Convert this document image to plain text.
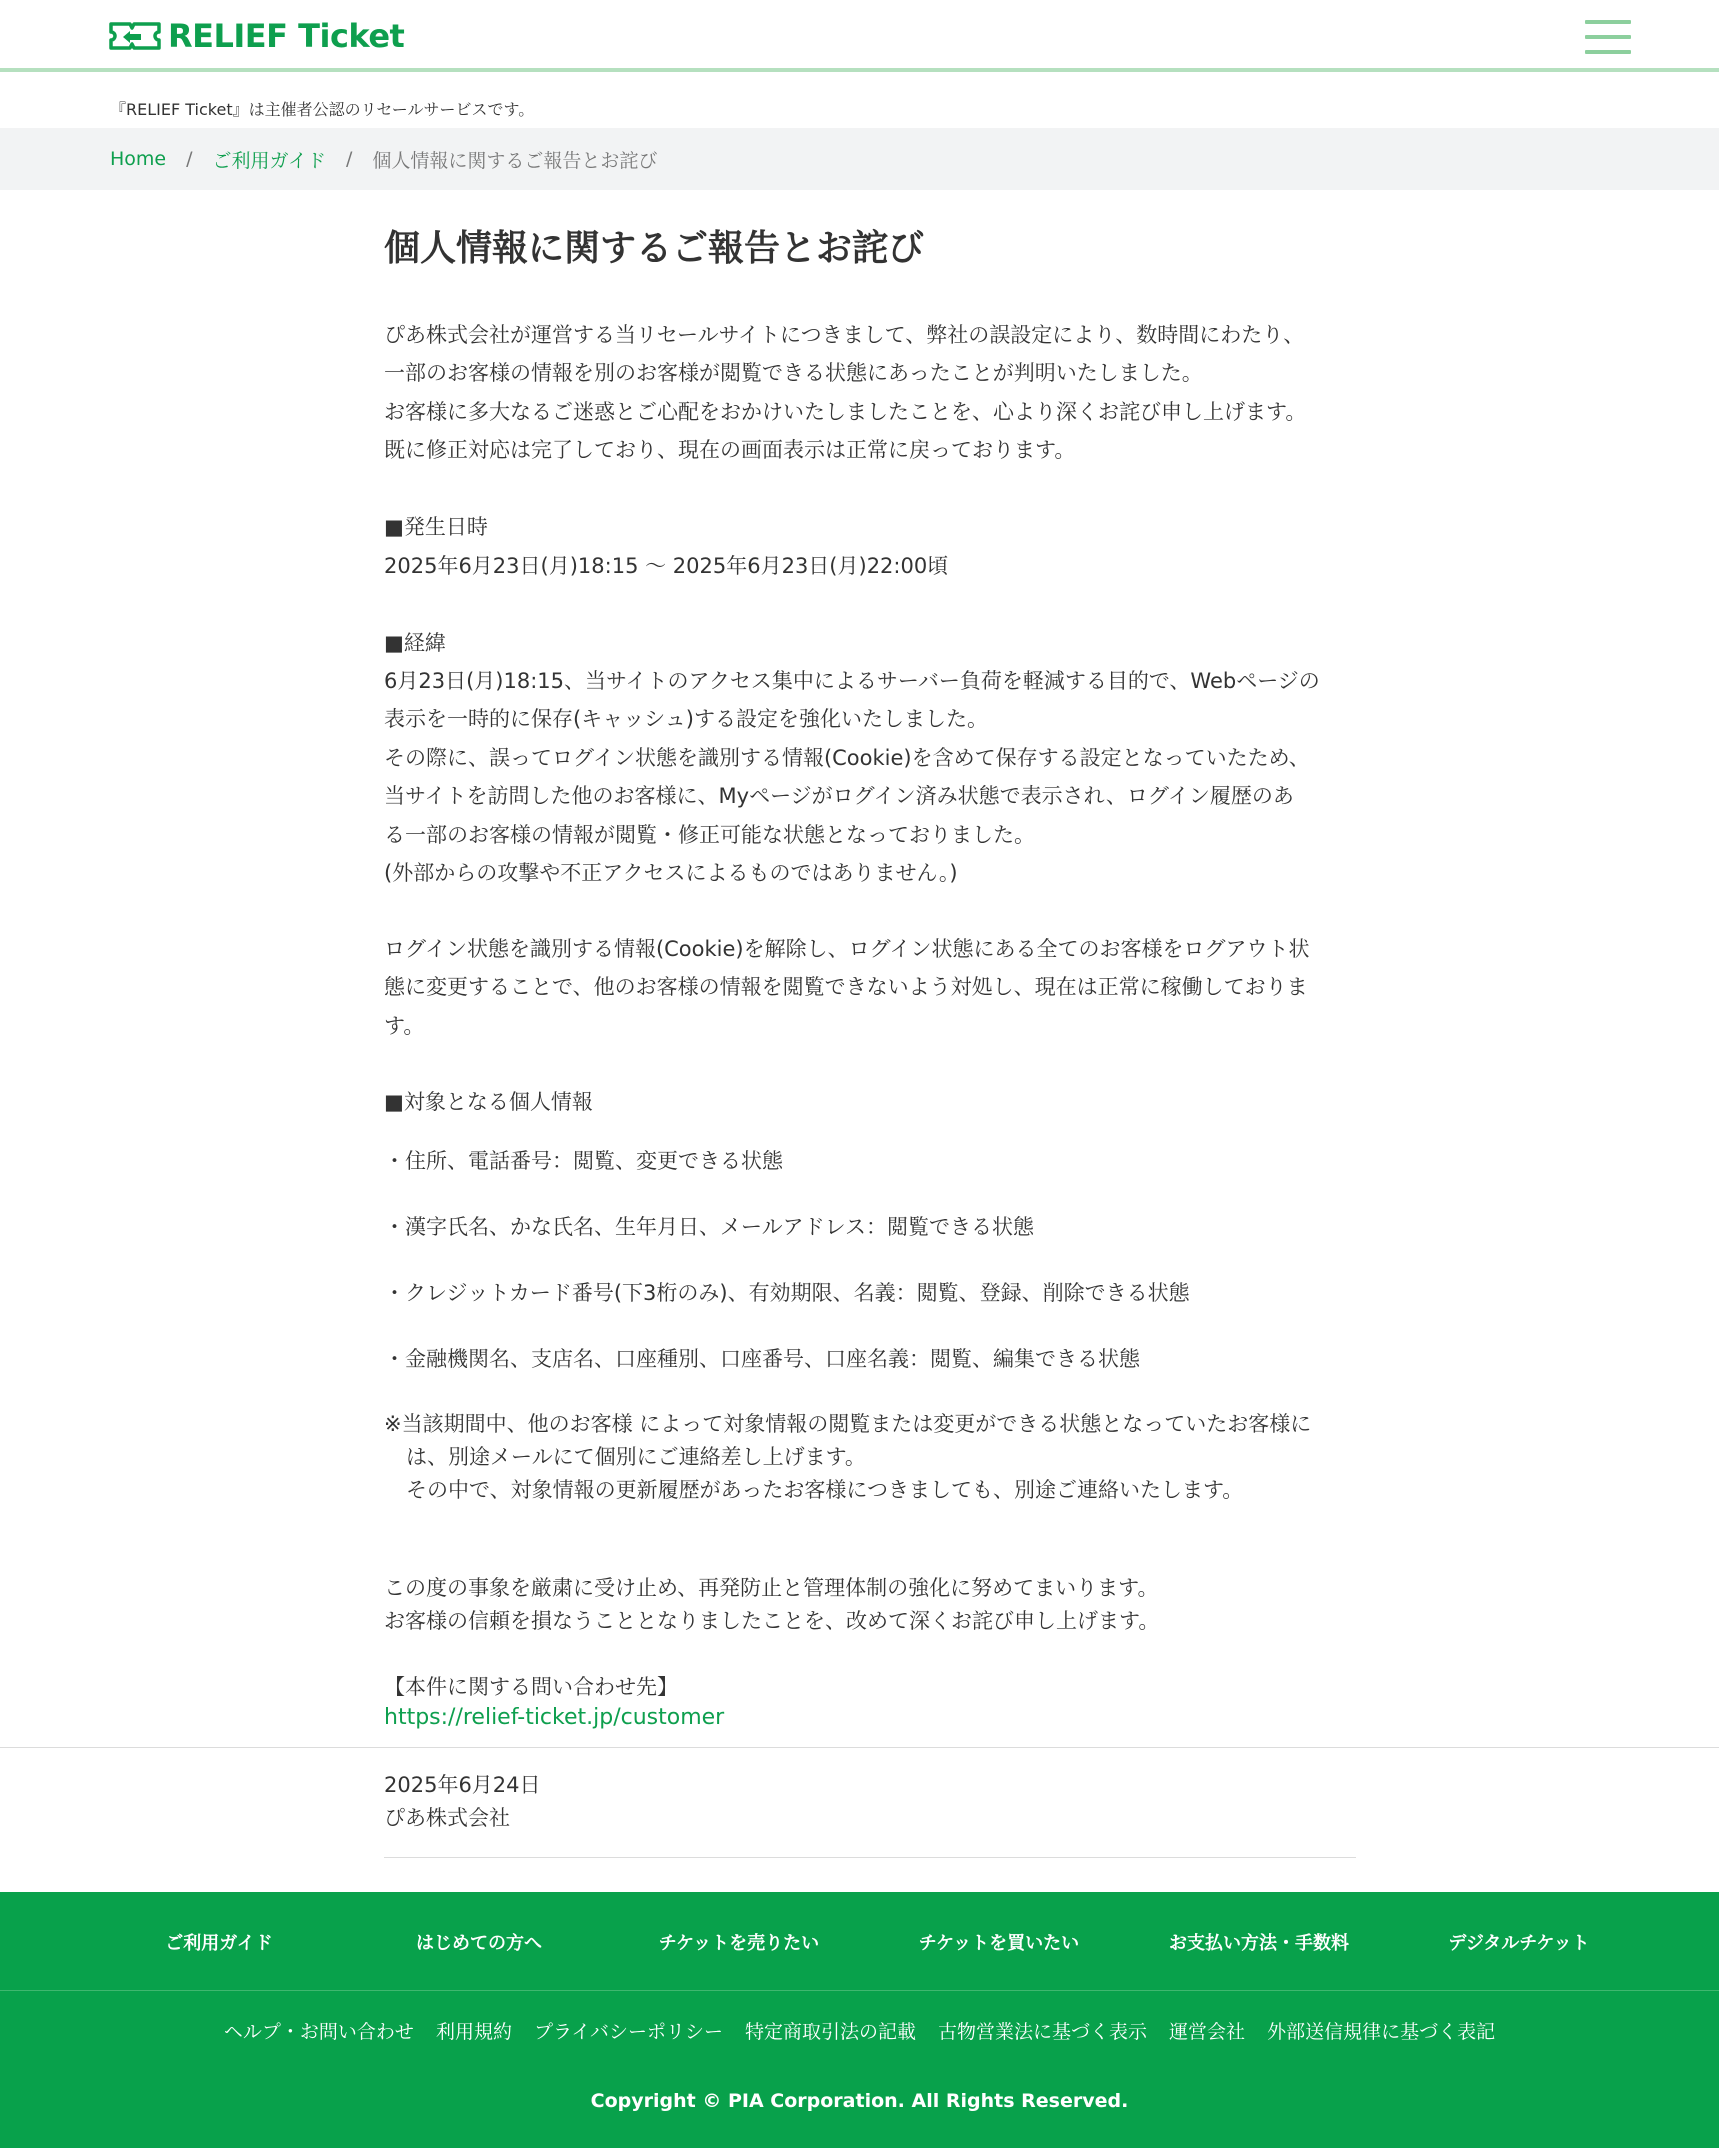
RELIEF Ticket
『RELIEF Ticket』は主催者公認のリセールサービスです。
Home / ご利用ガイド / 個人情報に関するご報告とお詫び
個人情報に関するご報告とお詫び
ぴあ株式会社が運営する当リセールサイトにつきまして、弊社の誤設定により、数時間にわたり、
一部のお客様の情報を別のお客様が閲覧できる状態にあったことが判明いたしました。
お客様に多大なるご迷惑とご心配をおかけいたしましたことを、心より深くお詫び申し上げます。
既に修正対応は完了しており、現在の画面表示は正常に戻っております。
■発生日時
2025年6月23日(月)18:15 〜 2025年6月23日(月)22:00頃
■経緯
6月23日(月)18:15、当サイトのアクセス集中によるサーバー負荷を軽減する目的で、Webページの
表示を一時的に保存(キャッシュ)する設定を強化いたしました。
その際に、誤ってログイン状態を識別する情報(Cookie)を含めて保存する設定となっていたため、
当サイトを訪問した他のお客様に、Myページがログイン済み状態で表示され、ログイン履歴のあ
る一部のお客様の情報が閲覧・修正可能な状態となっておりました。
(外部からの攻撃や不正アクセスによるものではありません。)
ログイン状態を識別する情報(Cookie)を解除し、ログイン状態にある全てのお客様をログアウト状
態に変更することで、他のお客様の情報を閲覧できないよう対処し、現在は正常に稼働しておりま
す。
■対象となる個人情報
・住所、電話番号：閲覧、変更できる状態
・漢字氏名、かな氏名、生年月日、メールアドレス：閲覧できる状態
・クレジットカード番号(下3桁のみ)、有効期限、名義：閲覧、登録、削除できる状態
・金融機関名、支店名、口座種別、口座番号、口座名義：閲覧、編集できる状態
※当該期間中、他のお客様 によって対象情報の閲覧または変更ができる状態となっていたお客様に
は、別途メールにて個別にご連絡差し上げます。
その中で、対象情報の更新履歴があったお客様につきましても、別途ご連絡いたします。
この度の事象を厳粛に受け止め、再発防止と管理体制の強化に努めてまいります。
お客様の信頼を損なうこととなりましたことを、改めて深くお詫び申し上げます。
【本件に関する問い合わせ先】
https://relief-ticket.jp/customer
2025年6月24日
ぴあ株式会社
ご利用ガイド	はじめての方へ	チケットを売りたい	チケットを買いたい	お支払い方法・手数料	デジタルチケット
ヘルプ・お問い合わせ 利用規約 プライバシーポリシー 特定商取引法の記載 古物営業法に基づく表示 運営会社 外部送信規律に基づく表記
Copyright © PIA Corporation. All Rights Reserved.
